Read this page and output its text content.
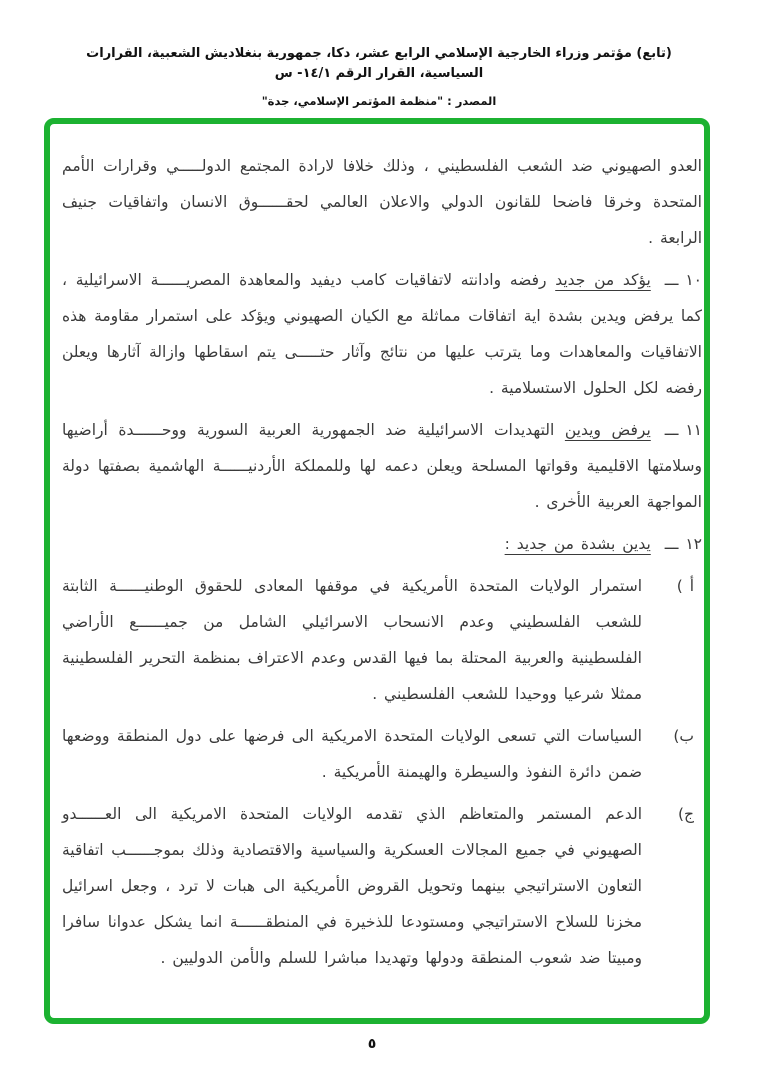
(تابع) مؤتمر وزراء الخارجية الإسلامي الرابع عشر، دكا، جمهورية بنغلاديش الشعبية، القرارات السياسية، القرار الرقم ١٤/١- س
المصدر : "منظمة المؤتمر الإسلامي، جدة"

العدو الصهيوني ضد الشعب الفلسطيني ، وذلك خلافا لارادة المجتمع الدولـــــي وقرارات الأمم المتحدة وخرقا فاضحا للقانون الدولي والاعلان العالمي لحقــــــوق الانسان واتفاقيات جنيف الرابعة .

١٠ ـــيؤكد من جديد رفضه وادانته لاتفاقيات كامب ديفيد والمعاهدة المصريــــــة الاسرائيلية ، كما يرفض ويدين بشدة اية اتفاقات مماثلة مع الكيان الصهيوني ويؤكد على استمرار مقاومة هذه الاتفاقيات والمعاهدات وما يترتب عليها من نتائج وآثار حتـــــى يتم اسقاطها وازالة آثارها ويعلن رفضه لكل الحلول الاستسلامية .

١١ ـــيرفض ويدين التهديدات الاسرائيلية ضد الجمهورية العربية السورية ووحــــــدة أراضيها وسلامتها الاقليمية وقواتها المسلحة ويعلن دعمه لها وللمملكة الأردنيــــــة الهاشمية بصفتها دولة المواجهة العربية الأخرى .

١٢ ـــيدين بشدة من جديد :

أ )
استمرار الولايات المتحدة الأمريكية في موقفها المعادى للحقوق الوطنيــــــة الثابتة للشعب الفلسطيني وعدم الانسحاب الاسرائيلي الشامل من جميــــــع الأراضي الفلسطينية والعربية المحتلة بما فيها القدس وعدم الاعتراف بمنظمة التحرير الفلسطينية ممثلا شرعيا ووحيدا للشعب الفلسطيني .
ب)
السياسات التي تسعى الولايات المتحدة الامريكية الى فرضها على دول المنطقة ووضعها ضمن دائرة النفوذ والسيطرة والهيمنة الأمريكية .
ج)
الدعم المستمر والمتعاظم الذي تقدمه الولايات المتحدة الامريكية الى العــــــدو الصهيوني في جميع المجالات العسكرية والسياسية والاقتصادية وذلك بموجــــــب اتفاقية التعاون الاستراتيجي بينهما وتحويل القروض الأمريكية الى هبات لا ترد ، وجعل اسرائيل مخزنا للسلاح الاستراتيجي ومستودعا للذخيرة في المنطقــــــة انما يشكل عدوانا سافرا ومبيتا ضد شعوب المنطقة ودولها وتهديدا مباشرا للسلم والأمن الدوليين .
٥
